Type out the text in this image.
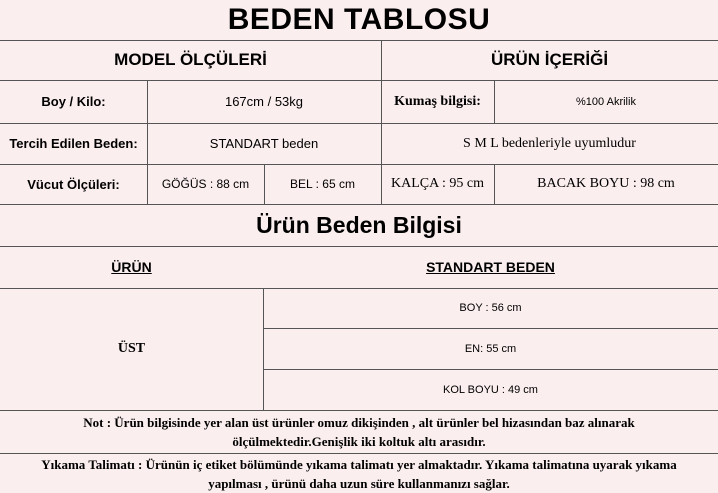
BEDEN TABLOSU
MODEL ÖLÇÜLERİ	ÜRÜN İÇERİĞİ
Boy / Kilo:	167cm / 53kg	Kumaş bilgisi:	%100 Akrilik
Tercih Edilen Beden:	STANDART beden	S M L bedenleriyle uyumludur
Vücut Ölçüleri:	GÖĞÜS : 88 cm	BEL : 65 cm	KALÇA : 95 cm	BACAK BOYU : 98 cm
Ürün Beden Bilgisi
ÜRÜN	STANDART BEDEN
ÜST
BOY : 56 cm
EN: 55 cm
KOL BOYU : 49 cm
Not : Ürün bilgisinde yer alan üst ürünler omuz dikişinden , alt ürünler bel hizasından baz alınarak
ölçülmektedir.Genişlik iki koltuk altı arasıdır.
Yıkama Talimatı : Ürünün iç etiket bölümünde yıkama talimatı yer almaktadır. Yıkama talimatına uyarak yıkama
yapılması , ürünü daha uzun süre kullanmanızı sağlar.
